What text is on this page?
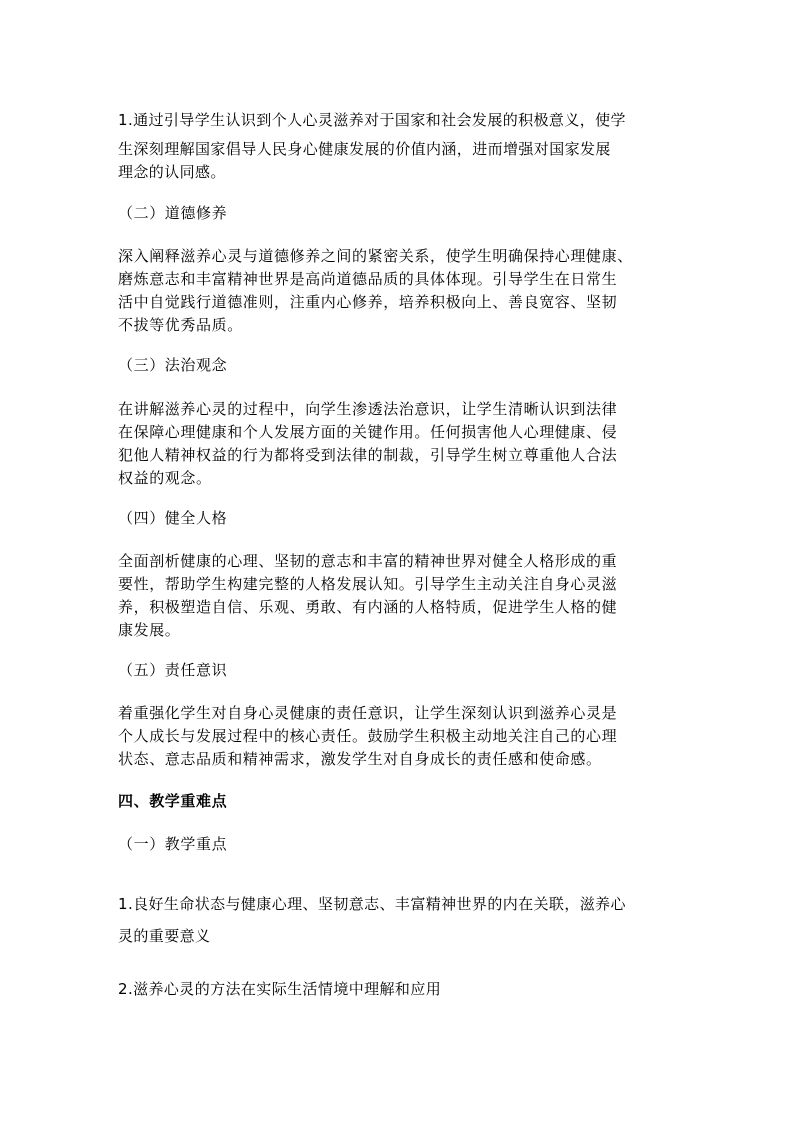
1.通过引导学生认识到个人心灵滋养对于国家和社会发展的积极意义，使学
生深刻理解国家倡导人民身心健康发展的价值内涵，进而增强对国家发展
理念的认同感。
（二）道德修养
深入阐释滋养心灵与道德修养之间的紧密关系，使学生明确保持心理健康、
磨炼意志和丰富精神世界是高尚道德品质的具体体现。引导学生在日常生
活中自觉践行道德准则，注重内心修养，培养积极向上、善良宽容、坚韧
不拔等优秀品质。
（三）法治观念
在讲解滋养心灵的过程中，向学生渗透法治意识，让学生清晰认识到法律
在保障心理健康和个人发展方面的关键作用。任何损害他人心理健康、侵
犯他人精神权益的行为都将受到法律的制裁，引导学生树立尊重他人合法
权益的观念。
（四）健全人格
全面剖析健康的心理、坚韧的意志和丰富的精神世界对健全人格形成的重
要性，帮助学生构建完整的人格发展认知。引导学生主动关注自身心灵滋
养，积极塑造自信、乐观、勇敢、有内涵的人格特质，促进学生人格的健
康发展。
（五）责任意识
着重强化学生对自身心灵健康的责任意识，让学生深刻认识到滋养心灵是
个人成长与发展过程中的核心责任。鼓励学生积极主动地关注自己的心理
状态、意志品质和精神需求，激发学生对自身成长的责任感和使命感。
四、教学重难点
（一）教学重点
1.良好生命状态与健康心理、坚韧意志、丰富精神世界的内在关联，滋养心
灵的重要意义
2.滋养心灵的方法在实际生活情境中理解和应用
